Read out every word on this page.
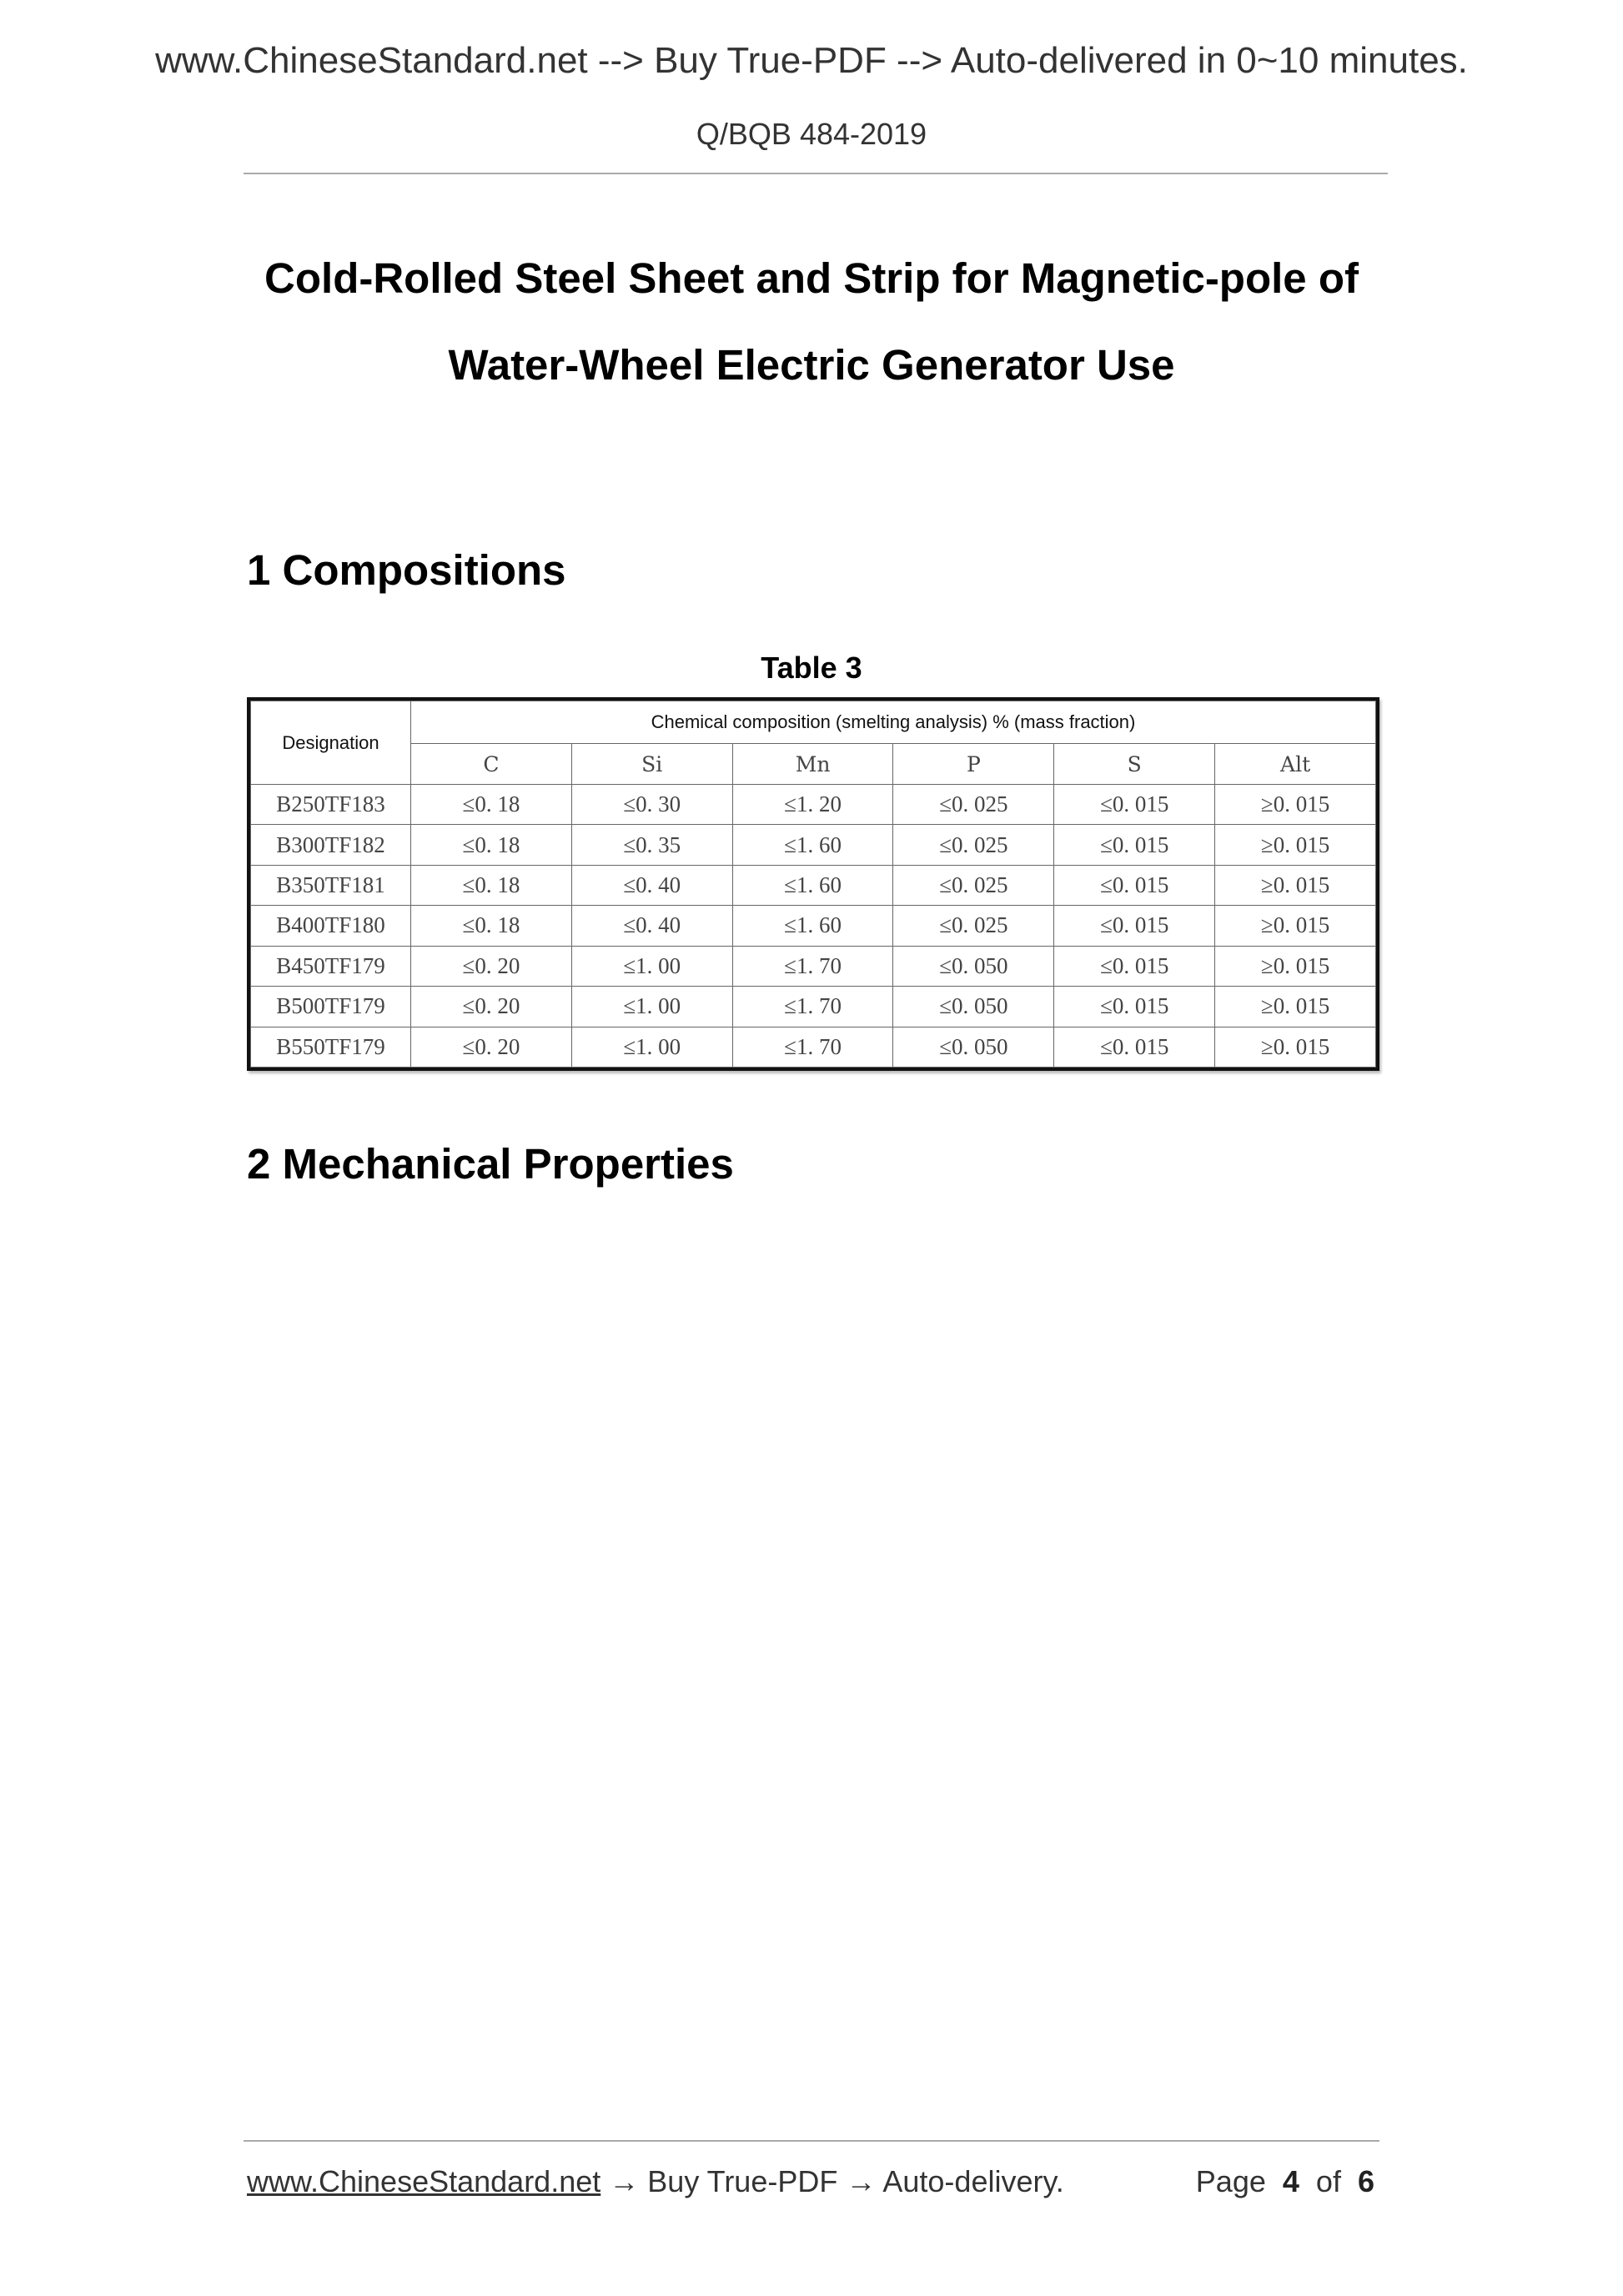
www.ChineseStandard.net --> Buy True-PDF --> Auto-delivered in 0~10 minutes.
Q/BQB 484-2019
Cold-Rolled Steel Sheet and Strip for Magnetic-pole of
Water-Wheel Electric Generator Use
1 Compositions
Table 3
Designation	Chemical composition (smelting analysis) % (mass fraction)					
	C	Si	Mn	P	S	Alt
B250TF183	≤0. 18	≤0. 30	≤1. 20	≤0. 025	≤0. 015	≥0. 015
B300TF182	≤0. 18	≤0. 35	≤1. 60	≤0. 025	≤0. 015	≥0. 015
B350TF181	≤0. 18	≤0. 40	≤1. 60	≤0. 025	≤0. 015	≥0. 015
B400TF180	≤0. 18	≤0. 40	≤1. 60	≤0. 025	≤0. 015	≥0. 015
B450TF179	≤0. 20	≤1. 00	≤1. 70	≤0. 050	≤0. 015	≥0. 015
B500TF179	≤0. 20	≤1. 00	≤1. 70	≤0. 050	≤0. 015	≥0. 015
B550TF179	≤0. 20	≤1. 00	≤1. 70	≤0. 050	≤0. 015	≥0. 015
2 Mechanical Properties
www.ChineseStandard.net → Buy True-PDF → Auto-delivery.	Page 4 of 6
